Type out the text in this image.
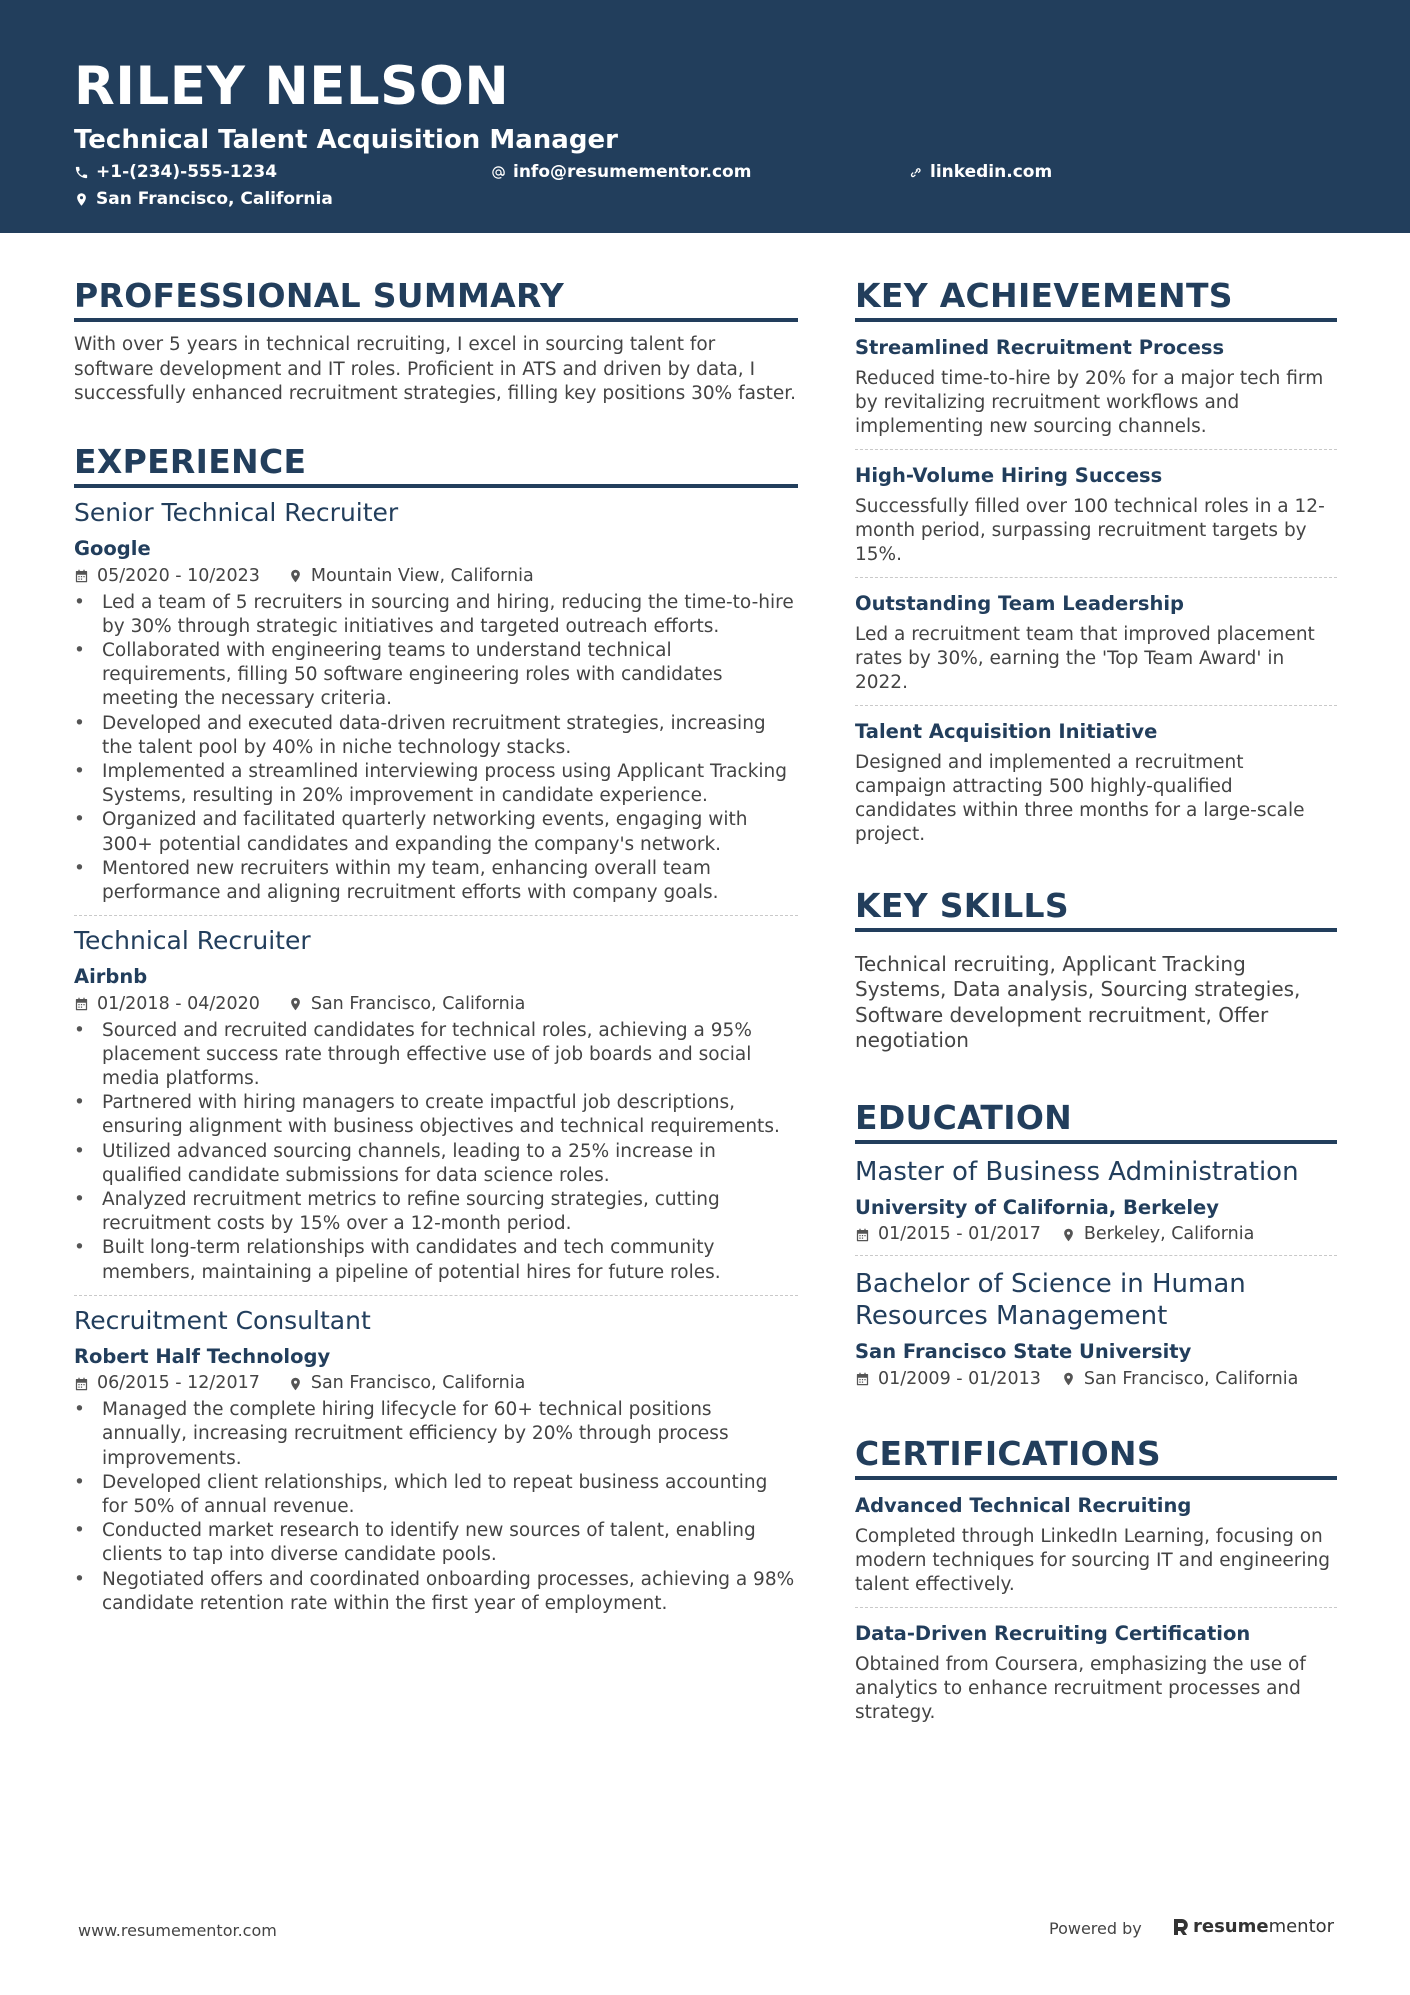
RILEY NELSON
Technical Talent Acquisition Manager
+1-(234)-555-1234	info@resumementor.com	linkedin.com
San Francisco, California
PROFESSIONAL SUMMARY

With over 5 years in technical recruiting, I excel in sourcing talent for software development and IT roles. Proficient in ATS and driven by data, I successfully enhanced recruitment strategies, filling key positions 30% faster.

EXPERIENCE
Senior Technical Recruiter
Google
05/2020 - 10/2023	Mountain View, California
• Led a team of 5 recruiters in sourcing and hiring, reducing the time-to-hire by 30% through strategic initiatives and targeted outreach efforts.
• Collaborated with engineering teams to understand technical requirements, filling 50 software engineering roles with candidates meeting the necessary criteria.
• Developed and executed data-driven recruitment strategies, increasing the talent pool by 40% in niche technology stacks.
• Implemented a streamlined interviewing process using Applicant Tracking Systems, resulting in 20% improvement in candidate experience.
• Organized and facilitated quarterly networking events, engaging with 300+ potential candidates and expanding the company's network.
• Mentored new recruiters within my team, enhancing overall team performance and aligning recruitment efforts with company goals.
Technical Recruiter
Airbnb
01/2018 - 04/2020	San Francisco, California
• Sourced and recruited candidates for technical roles, achieving a 95% placement success rate through effective use of job boards and social media platforms.
• Partnered with hiring managers to create impactful job descriptions, ensuring alignment with business objectives and technical requirements.
• Utilized advanced sourcing channels, leading to a 25% increase in qualified candidate submissions for data science roles.
• Analyzed recruitment metrics to refine sourcing strategies, cutting recruitment costs by 15% over a 12-month period.
• Built long-term relationships with candidates and tech community members, maintaining a pipeline of potential hires for future roles.
Recruitment Consultant
Robert Half Technology
06/2015 - 12/2017	San Francisco, California
• Managed the complete hiring lifecycle for 60+ technical positions annually, increasing recruitment efficiency by 20% through process improvements.
• Developed client relationships, which led to repeat business accounting for 50% of annual revenue.
• Conducted market research to identify new sources of talent, enabling clients to tap into diverse candidate pools.
• Negotiated offers and coordinated onboarding processes, achieving a 98% candidate retention rate within the first year of employment.
KEY ACHIEVEMENTS
Streamlined Recruitment Process
Reduced time-to-hire by 20% for a major tech firm by revitalizing recruitment workflows and implementing new sourcing channels.
High-Volume Hiring Success
Successfully filled over 100 technical roles in a 12-month period, surpassing recruitment targets by 15%.
Outstanding Team Leadership
Led a recruitment team that improved placement rates by 30%, earning the 'Top Team Award' in 2022.
Talent Acquisition Initiative
Designed and implemented a recruitment campaign attracting 500 highly-qualified candidates within three months for a large-scale project.
KEY SKILLS

Technical recruiting, Applicant Tracking Systems, Data analysis, Sourcing strategies, Software development recruitment, Offer negotiation

EDUCATION
Master of Business Administration
University of California, Berkeley
01/2015 - 01/2017 Berkeley, California
Bachelor of Science in Human Resources Management
San Francisco State University
01/2009 - 01/2013 San Francisco, California
CERTIFICATIONS
Advanced Technical Recruiting
Completed through LinkedIn Learning, focusing on modern techniques for sourcing IT and engineering talent effectively.
Data-Driven Recruiting Certification
Obtained from Coursera, emphasizing the use of analytics to enhance recruitment processes and strategy.
www.resumementor.com	Powered by	resumementor
